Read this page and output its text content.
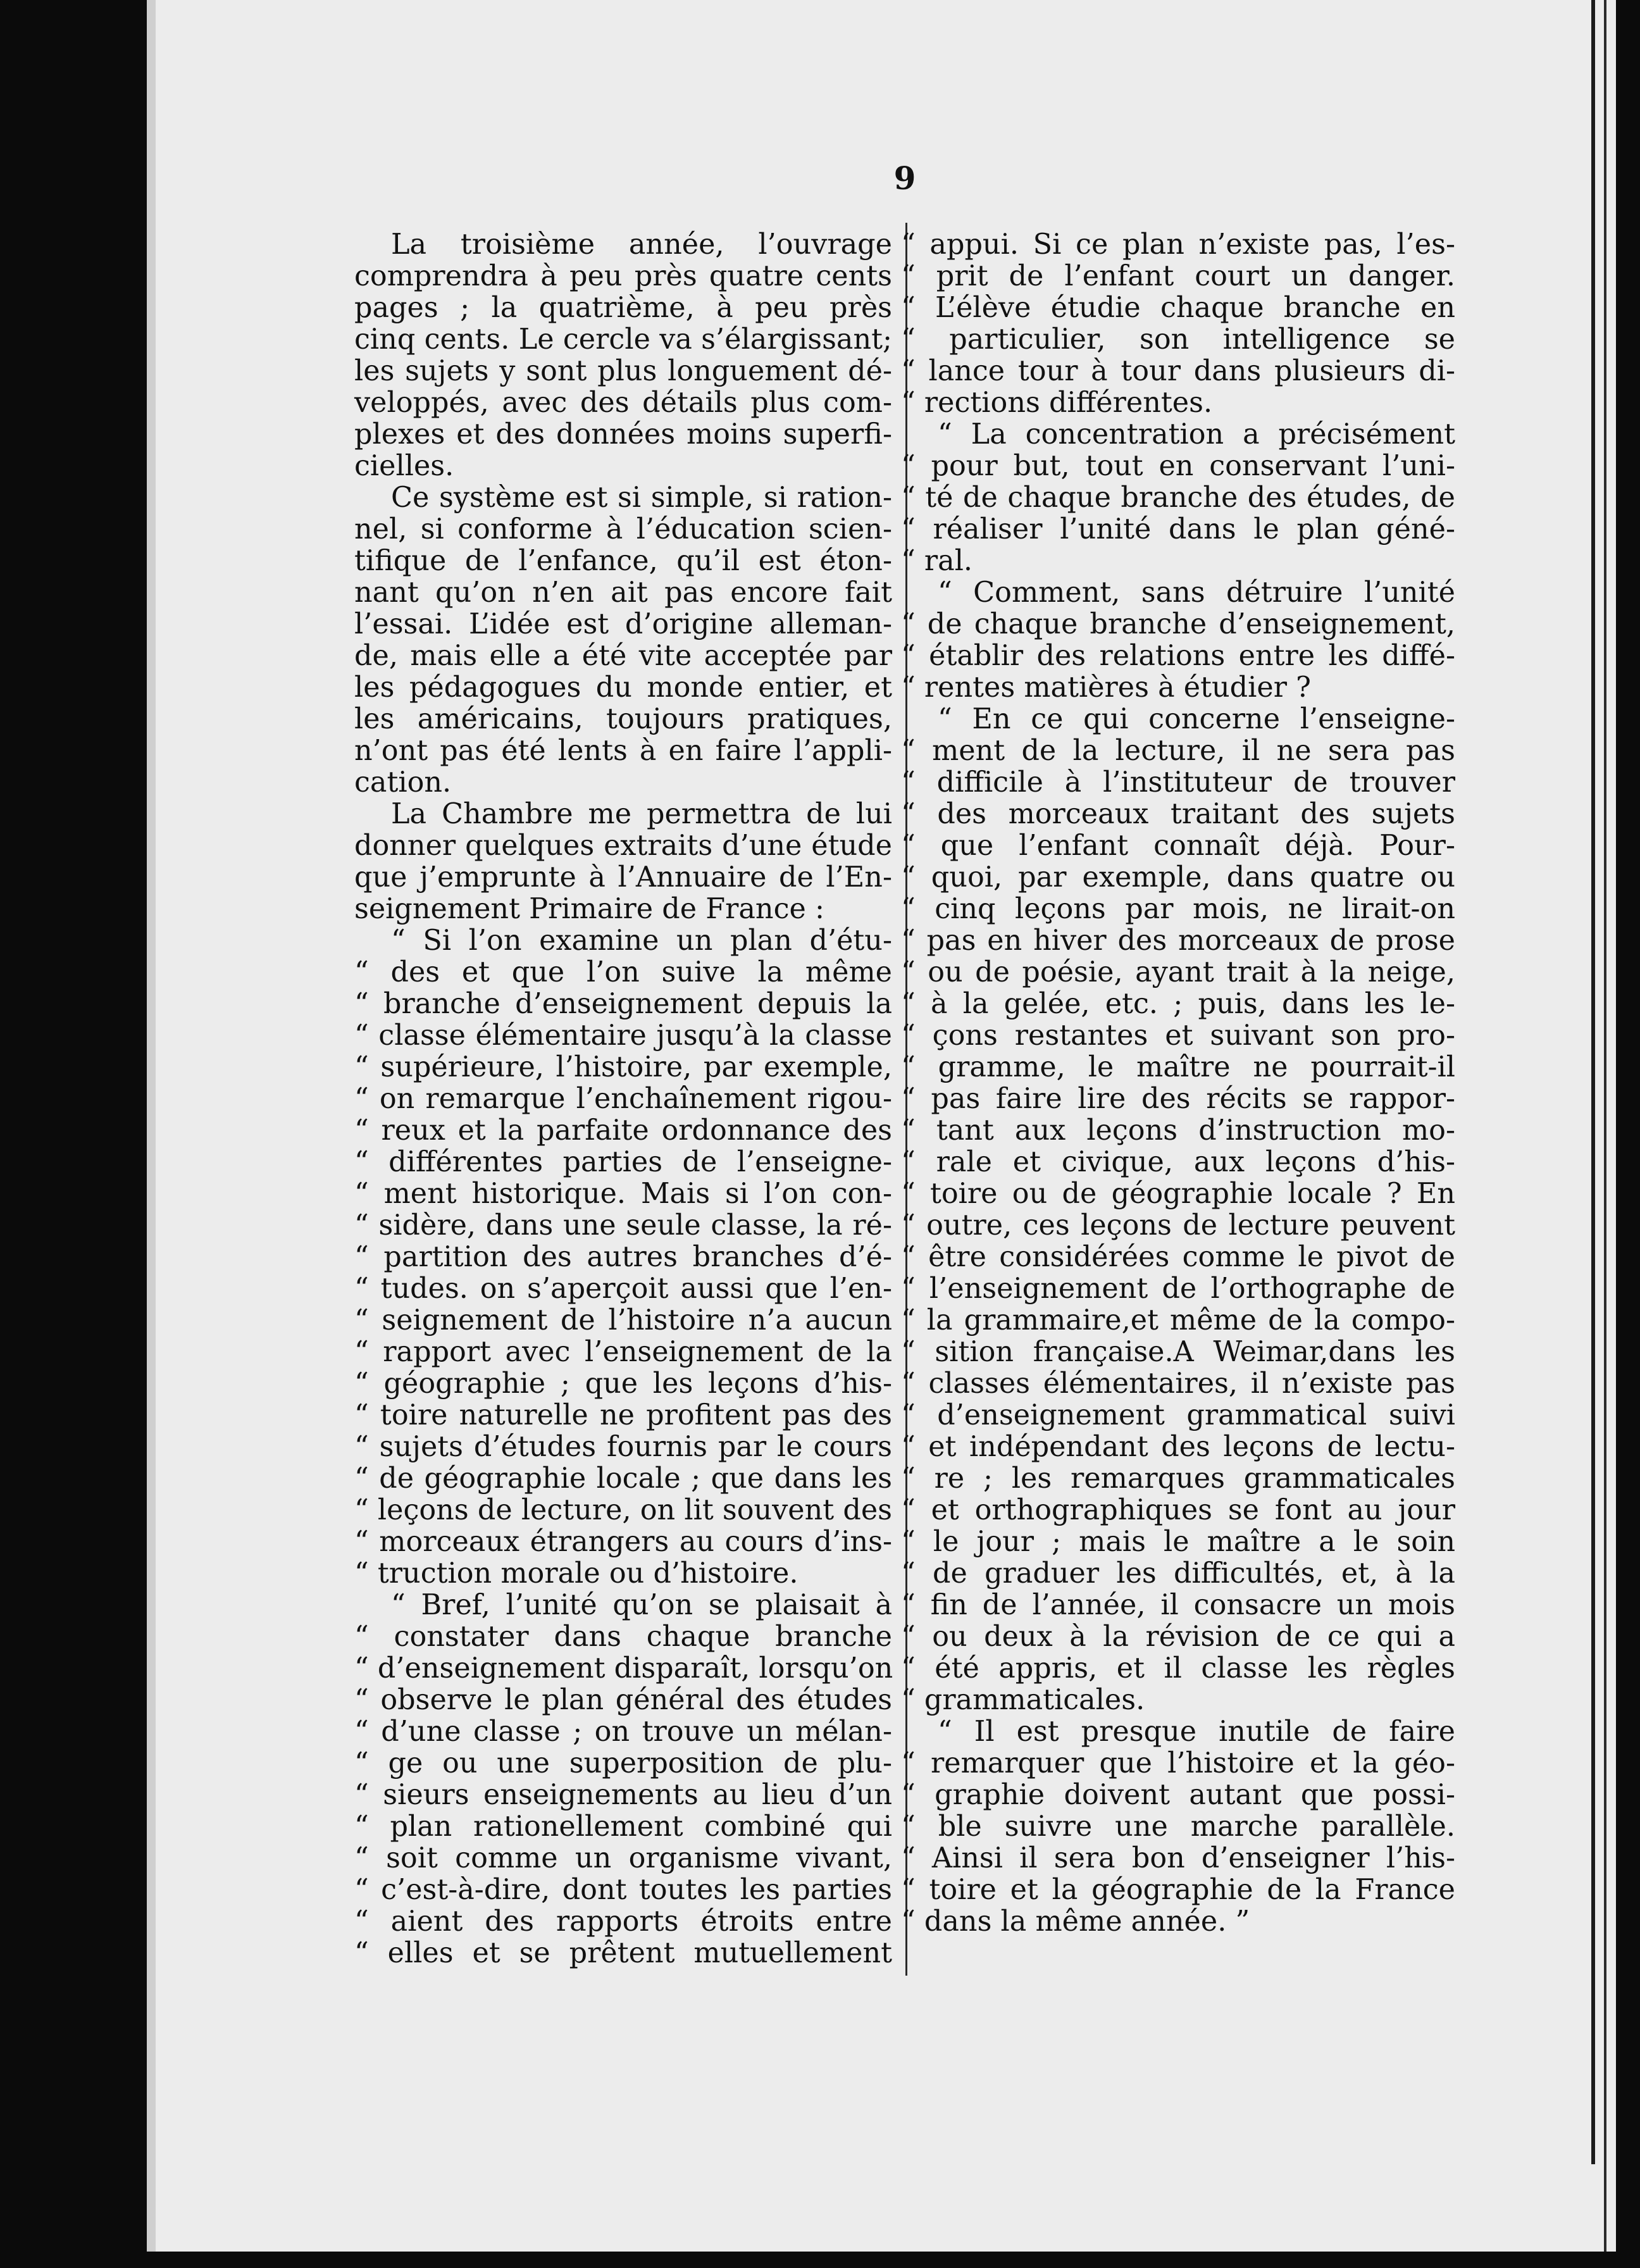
9
La troisième année, l’ouvrage
comprendra à peu près quatre cents
pages ; la quatrième, à peu près
cinq cents. Le cercle va s’élargissant;
les sujets y sont plus longuement dé-
veloppés, avec des détails plus com-
plexes et des données moins superfi-
cielles.
Ce système est si simple, si ration-
nel, si conforme à l’éducation scien-
tifique de l’enfance, qu’il est éton-
nant qu’on n’en ait pas encore fait
l’essai. L’idée est d’origine alleman-
de, mais elle a été vite acceptée par
les pédagogues du monde entier, et
les américains, toujours pratiques,
n’ont pas été lents à en faire l’appli-
cation.
La Chambre me permettra de lui
donner quelques extraits d’une étude
que j’emprunte à l’Annuaire de l’En-
seignement Primaire de France :
“ Si l’on examine un plan d’étu-
“ des et que l’on suive la même
“ branche d’enseignement depuis la
“ classe élémentaire jusqu’à la classe
“ supérieure, l’histoire, par exemple,
“ on remarque l’enchaînement rigou-
“ reux et la parfaite ordonnance des
“ différentes parties de l’enseigne-
“ ment historique. Mais si l’on con-
“ sidère, dans une seule classe, la ré-
“ partition des autres branches d’é-
“ tudes. on s’aperçoit aussi que l’en-
“ seignement de l’histoire n’a aucun
“ rapport avec l’enseignement de la
“ géographie ; que les leçons d’his-
“ toire naturelle ne profitent pas des
“ sujets d’études fournis par le cours
“ de géographie locale ; que dans les
“ leçons de lecture, on lit souvent des
“ morceaux étrangers au cours d’ins-
“ truction morale ou d’histoire.
“ Bref, l’unité qu’on se plaisait à
“ constater dans chaque branche
“ d’enseignement disparaît, lorsqu’on
“ observe le plan général des études
“ d’une classe ; on trouve un mélan-
“ ge ou une superposition de plu-
“ sieurs enseignements au lieu d’un
“ plan rationellement combiné qui
“ soit comme un organisme vivant,
“ c’est-à-dire, dont toutes les parties
“ aient des rapports étroits entre
“ elles et se prêtent mutuellement
“ appui. Si ce plan n’existe pas, l’es-
“ prit de l’enfant court un danger.
“ L’élève étudie chaque branche en
“ particulier, son intelligence se
“ lance tour à tour dans plusieurs di-
“ rections différentes.
“ La concentration a précisément
“ pour but, tout en conservant l’uni-
“ té de chaque branche des études, de
“ réaliser l’unité dans le plan géné-
“ ral.
“ Comment, sans détruire l’unité
“ de chaque branche d’enseignement,
“ établir des relations entre les diffé-
“ rentes matières à étudier ?
“ En ce qui concerne l’enseigne-
“ ment de la lecture, il ne sera pas
“ difficile à l’instituteur de trouver
“ des morceaux traitant des sujets
“ que l’enfant connaît déjà. Pour-
“ quoi, par exemple, dans quatre ou
“ cinq leçons par mois, ne lirait-on
“ pas en hiver des morceaux de prose
“ ou de poésie, ayant trait à la neige,
“ à la gelée, etc. ; puis, dans les le-
“ çons restantes et suivant son pro-
“ gramme, le maître ne pourrait-il
“ pas faire lire des récits se rappor-
“ tant aux leçons d’instruction mo-
“ rale et civique, aux leçons d’his-
“ toire ou de géographie locale ? En
“ outre, ces leçons de lecture peuvent
“ être considérées comme le pivot de
“ l’enseignement de l’orthographe de
“ la grammaire,et même de la compo-
“ sition française.A Weimar,dans les
“ classes élémentaires, il n’existe pas
“ d’enseignement grammatical suivi
“ et indépendant des leçons de lectu-
“ re ; les remarques grammaticales
“ et orthographiques se font au jour
“ le jour ; mais le maître a le soin
“ de graduer les difficultés, et, à la
“ fin de l’année, il consacre un mois
“ ou deux à la révision de ce qui a
“ été appris, et il classe les règles
“ grammaticales.
“ Il est presque inutile de faire
“ remarquer que l’histoire et la géo-
“ graphie doivent autant que possi-
“ ble suivre une marche parallèle.
“ Ainsi il sera bon d’enseigner l’his-
“ toire et la géographie de la France
“ dans la même année. ”
